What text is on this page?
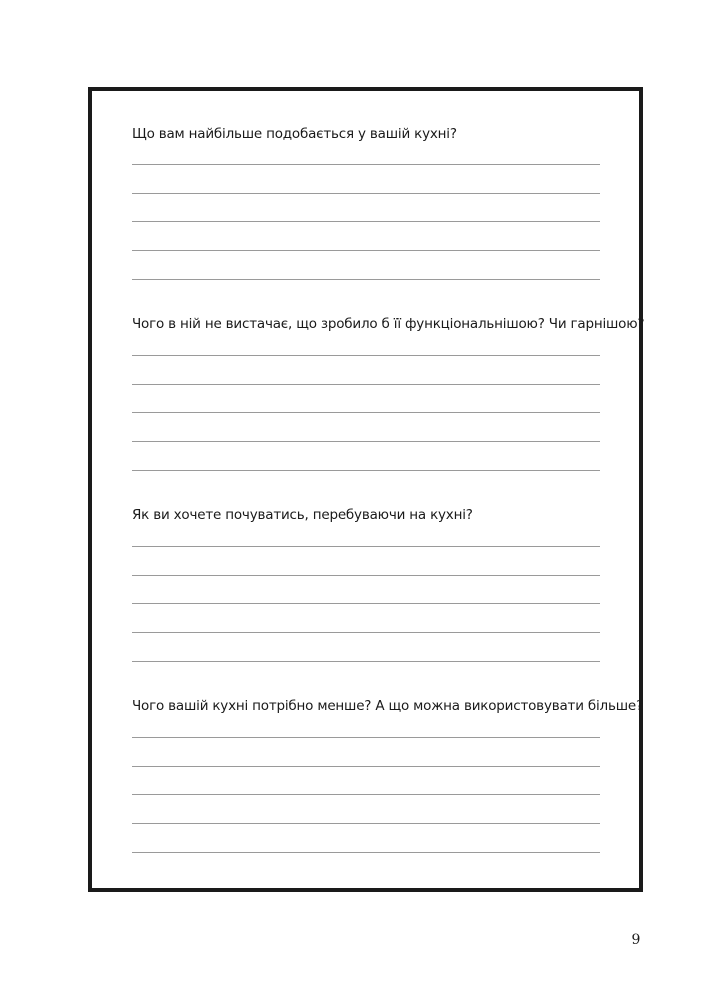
Що вам найбільше подобається у вашій кухні?
Чого в ній не вистачає, що зробило б її функціональнішою? Чи гарнішою?
Як ви хочете почуватись, перебуваючи на кухні?
Чого вашій кухні потрібно менше? А що можна використовувати більше?
9
